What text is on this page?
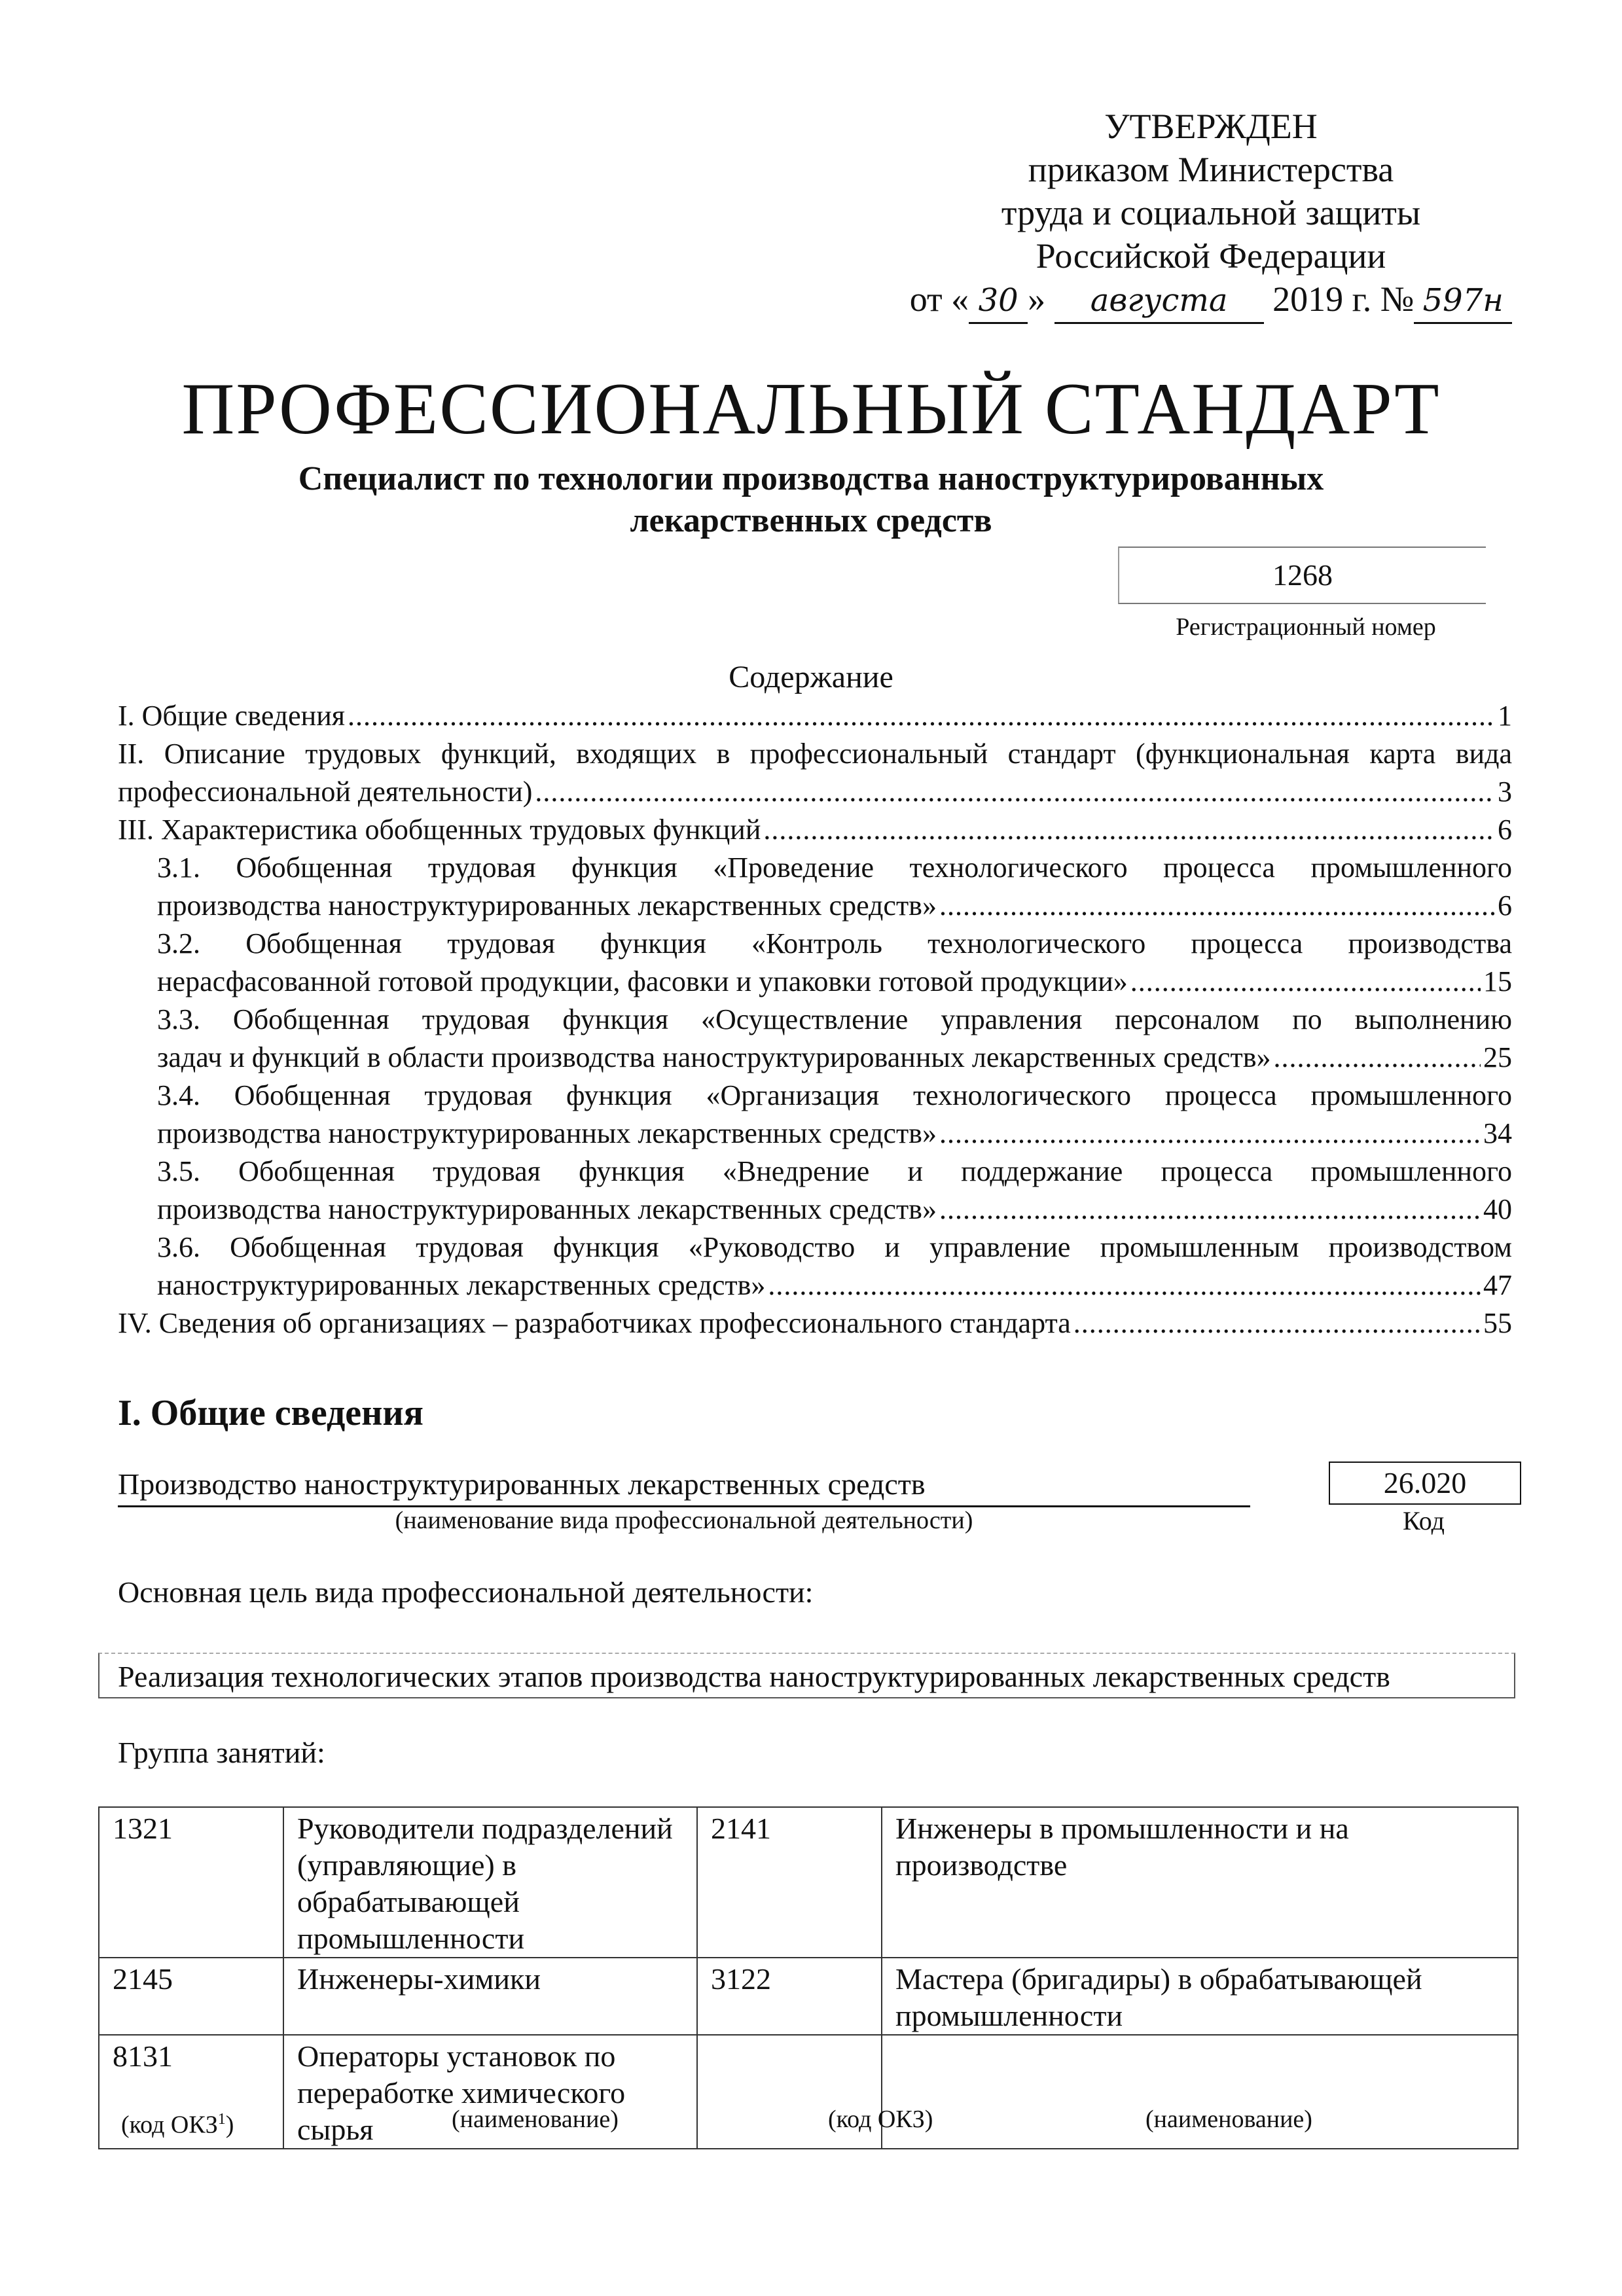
УТВЕРЖДЕН
приказом Министерства
труда и социальной защиты
Российской Федерации
от « 30 » августа 2019 г. № 597н
ПРОФЕССИОНАЛЬНЫЙ СТАНДАРТ
Специалист по технологии производства наноструктурированных
лекарственных средств
1268
Регистрационный номер
Содержание
I. Общие сведения .....	1
II. Описание трудовых функций, входящих в профессиональный стандарт (функциональная карта вида
профессиональной деятельности) .....	3
III. Характеристика обобщенных трудовых функций .....	6
3.1. Обобщенная трудовая функция «Проведение технологического процесса промышленного
производства наноструктурированных лекарственных средств» .....	6
3.2. Обобщенная трудовая функция «Контроль технологического процесса производства
нерасфасованной готовой продукции, фасовки и упаковки готовой продукции» .....	15
3.3. Обобщенная трудовая функция «Осуществление управления персоналом по выполнению
задач и функций в области производства наноструктурированных лекарственных средств» .....	25
3.4. Обобщенная трудовая функция «Организация технологического процесса промышленного
производства наноструктурированных лекарственных средств» .....	34
3.5. Обобщенная трудовая функция «Внедрение и поддержание процесса промышленного
производства наноструктурированных лекарственных средств» .....	40
3.6. Обобщенная трудовая функция «Руководство и управление промышленным производством
наноструктурированных лекарственных средств» .....	47
IV. Сведения об организациях – разработчиках профессионального стандарта .....	55
I. Общие сведения
Производство наноструктурированных лекарственных средств
(наименование вида профессиональной деятельности)
26.020
Код
Основная цель вида профессиональной деятельности:
Реализация технологических этапов производства наноструктурированных лекарственных средств
Группа занятий:
1321	Руководители подразделений (управляющие) в обрабатывающей промышленности	2141	Инженеры в промышленности и на производстве
2145	Инженеры-химики	3122	Мастера (бригадиры) в обрабатывающей промышленности
8131	Операторы установок по переработке химического сырья		
(код ОКЗ$^1$)	(наименование)	(код ОКЗ)	(наименование)
